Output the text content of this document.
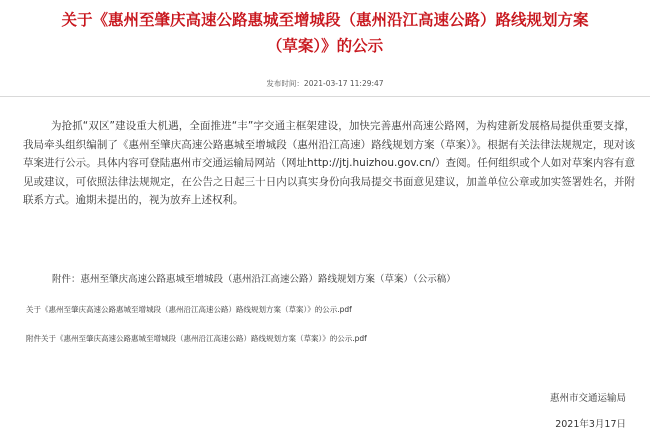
关于《惠州至肇庆高速公路惠城至增城段（惠州沿江高速公路）路线规划方案
（草案）》的公示
发布时间：2021-03-17 11:29:47

为抢抓“双区”建设重大机遇，全面推进“丰”字交通主框架建设，加快完善惠州高速公路网，为构建新发展格局提供重要支撑，我局牵头组织编制了《惠州至肇庆高速公路惠城至增城段（惠州沿江高速）路线规划方案（草案）》。根据有关法律法规规定，现对该草案进行公示。具体内容可登陆惠州市交通运输局网站（网址http://jtj.huizhou.gov.cn/）查阅。任何组织或个人如对草案内容有意见或建议，可依照法律法规规定，在公告之日起三十日内以真实身份向我局提交书面意见建议，加盖单位公章或加实签署姓名，并附联系方式。逾期未提出的，视为放弃上述权利。

附件：惠州至肇庆高速公路惠城至增城段（惠州沿江高速公路）路线规划方案（草案）（公示稿）
关于《惠州至肇庆高速公路惠城至增城段（惠州沿江高速公路）路线规划方案（草案）》的公示.pdf
附件关于《惠州至肇庆高速公路惠城至增城段（惠州沿江高速公路）路线规划方案（草案）》的公示.pdf
惠州市交通运输局
2021年3月17日
